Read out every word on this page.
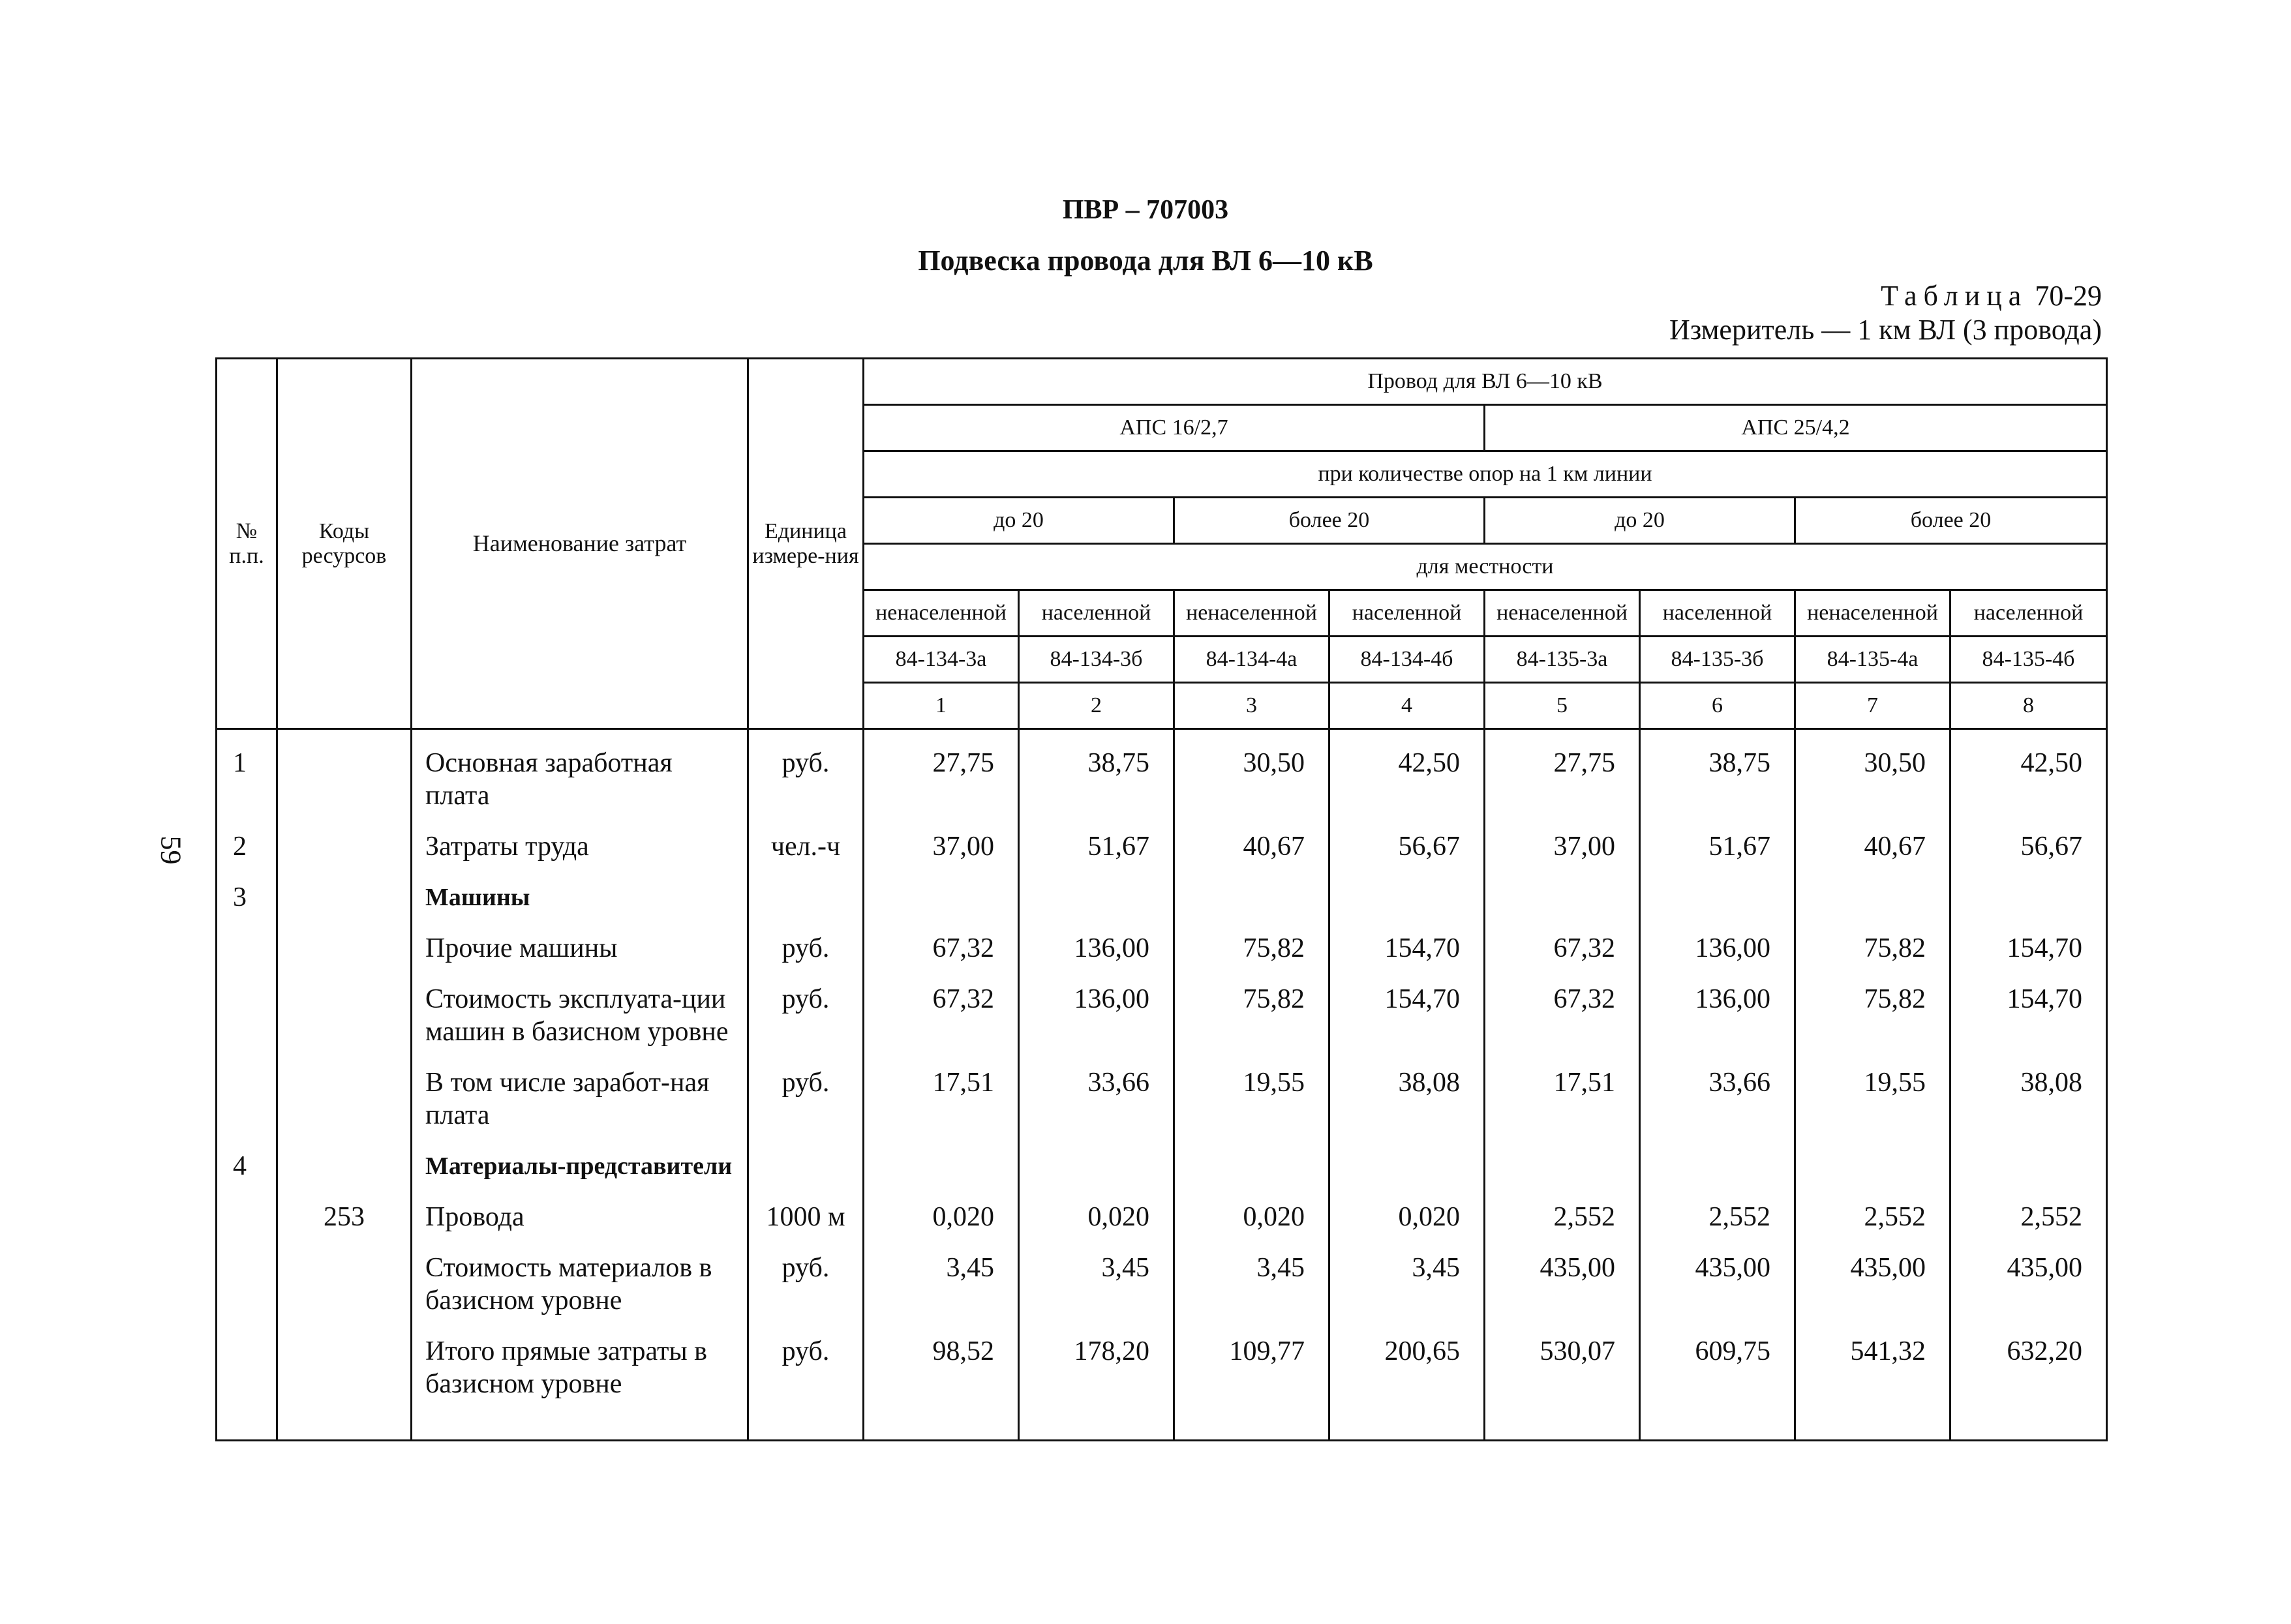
ПВР – 707003
Подвеска провода для ВЛ 6—10 кВ
Таблица 70-29
Измеритель — 1 км ВЛ (3 провода)
59
№ п.п.	Коды ресурсов	Наименование затрат	Единица измере-ния	Провод для ВЛ 6—10 кВ							
				АПС 16/2,7				АПС 25/4,2			
				при количестве опор на 1 км линии							
				до 20		более 20		до 20		более 20	
				для местности							
				ненаселенной	населенной	ненаселенной	населенной	ненаселенной	населенной	ненаселенной	населенной
				84-134-3а	84-134-3б	84-134-4а	84-134-4б	84-135-3а	84-135-3б	84-135-4а	84-135-4б
				1	2	3	4	5	6	7	8
1		Основная заработная плата	руб.	27,75	38,75	30,50	42,50	27,75	38,75	30,50	42,50
2		Затраты труда	чел.-ч	37,00	51,67	40,67	56,67	37,00	51,67	40,67	56,67
3		Машины									
		Прочие машины	руб.	67,32	136,00	75,82	154,70	67,32	136,00	75,82	154,70
		Стоимость эксплуата-ции машин в базисном уровне	руб.	67,32	136,00	75,82	154,70	67,32	136,00	75,82	154,70
		В том числе заработ-ная плата	руб.	17,51	33,66	19,55	38,08	17,51	33,66	19,55	38,08
4		Материалы-представители									
	253	Провода	1000 м	0,020	0,020	0,020	0,020	2,552	2,552	2,552	2,552
		Стоимость материалов в базисном уровне	руб.	3,45	3,45	3,45	3,45	435,00	435,00	435,00	435,00
		Итого прямые затраты в базисном уровне	руб.	98,52	178,20	109,77	200,65	530,07	609,75	541,32	632,20
